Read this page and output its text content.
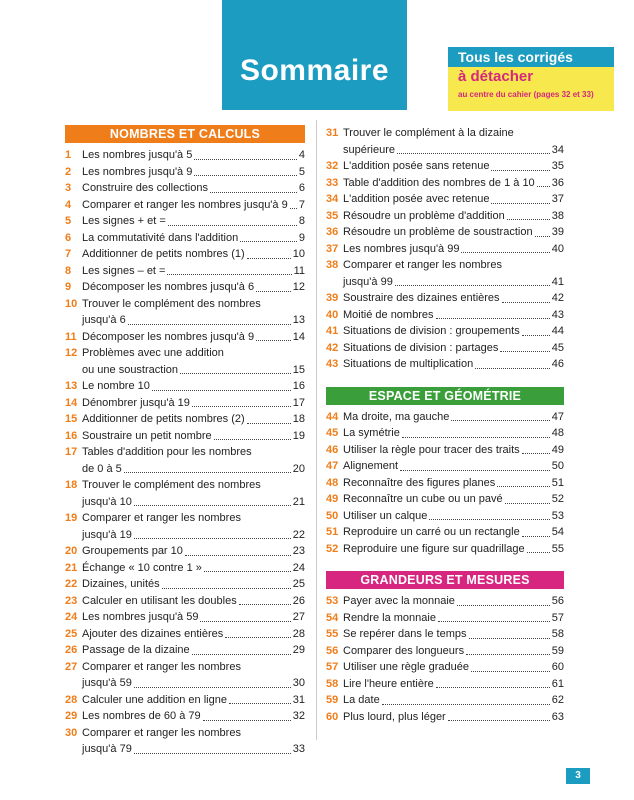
Sommaire	Tous les corrigés
à détacher
au centre du cahier (pages 32 et 33)
NOMBRES ET CALCULS
1 Les nombres jusqu'à 5	4
2 Les nombres jusqu'à 9	5
3 Construire des collections	6
4 Comparer et ranger les nombres jusqu'à 9 7
5 Les signes + et =	8
6 La commutativité dans l'addition	9
7 Additionner de petits nombres (1)	10
8 Les signes – et =	11
9 Décomposer les nombres jusqu'à 6	12
10 Trouver le complément des nombres
jusqu'à 6	13
11 Décomposer les nombres jusqu'à 9	14
12 Problèmes avec une addition
ou une soustraction	15
13 Le nombre 10	16
14 Dénombrer jusqu'à 19	17
15 Additionner de petits nombres (2)	18
16 Soustraire un petit nombre	19
17 Tables d'addition pour les nombres
de 0 à 5	20
18 Trouver le complément des nombres
jusqu'à 10	21
19 Comparer et ranger les nombres
jusqu'à 19	22
20 Groupements par 10	23
21 Échange « 10 contre 1 »	24
22 Dizaines, unités	25
23 Calculer en utilisant les doubles	26
24 Les nombres jusqu'à 59	27
25 Ajouter des dizaines entières	28
26 Passage de la dizaine	29
27 Comparer et ranger les nombres
jusqu'à 59	30
28 Calculer une addition en ligne	31
29 Les nombres de 60 à 79	32
30 Comparer et ranger les nombres
jusqu'à 79	33
31 Trouver le complément à la dizaine
supérieure	34
32 L'addition posée sans retenue	35
33 Table d'addition des nombres de 1 à 10 36
34 L'addition posée avec retenue	37
35 Résoudre un problème d'addition	38
36 Résoudre un problème de soustraction 39
37 Les nombres jusqu'à 99	40
38 Comparer et ranger les nombres
jusqu'à 99	41
39 Soustraire des dizaines entières	42
40 Moitié de nombres	43
41 Situations de division : groupements	44
42 Situations de division : partages	45
43 Situations de multiplication	46
ESPACE ET GÉOMÉTRIE
44 Ma droite, ma gauche	47
45 La symétrie	48
46 Utiliser la règle pour tracer des traits	49
47 Alignement	50
48 Reconnaître des figures planes	51
49 Reconnaître un cube ou un pavé	52
50 Utiliser un calque	53
51 Reproduire un carré ou un rectangle	54
52 Reproduire une figure sur quadrillage 55
GRANDEURS ET MESURES
53 Payer avec la monnaie	56
54 Rendre la monnaie	57
55 Se repérer dans le temps	58
56 Comparer des longueurs	59
57 Utiliser une règle graduée	60
58 Lire l'heure entière	61
59 La date	62
60 Plus lourd, plus léger	63
3
